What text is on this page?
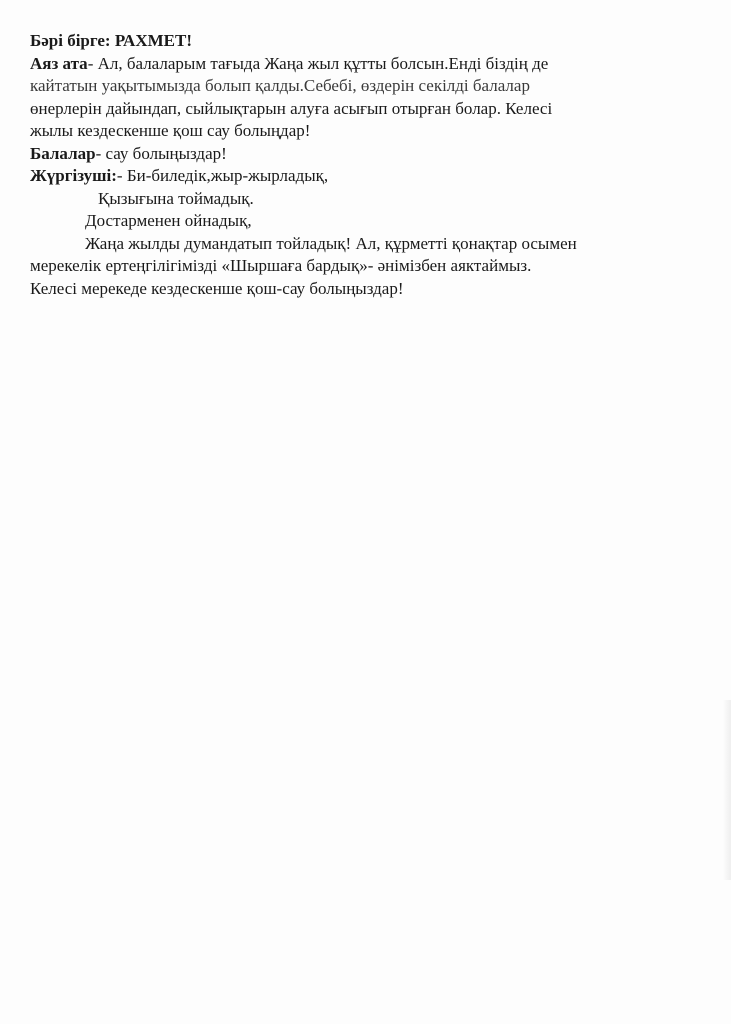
Бәрі бірге: РАХМЕТ!

Аяз ата- Ал, балаларым тағыда Жаңа жыл құтты болсын.Енді біздің де

кайтатын уақытымызда болып қалды.Себебі, өздерін секілді балалар

өнерлерін дайындап, сыйлықтарын алуға асығып отырған болар. Келесі

жылы кездескенше қош сау болыңдар!

Балалар- сау болыңыздар!

Жүргізуші:- Би-биледік,жыр-жырладық,

Қызығына тоймадық.

Достарменен ойнадық,

Жаңа жылды думандатып тойладық! Ал, құрметті қонақтар осымен

мерекелік ертеңгілігімізді «Шыршаға бардық»- әнімізбен аяктаймыз.

Келесі мерекеде кездескенше қош-сау болыңыздар!
